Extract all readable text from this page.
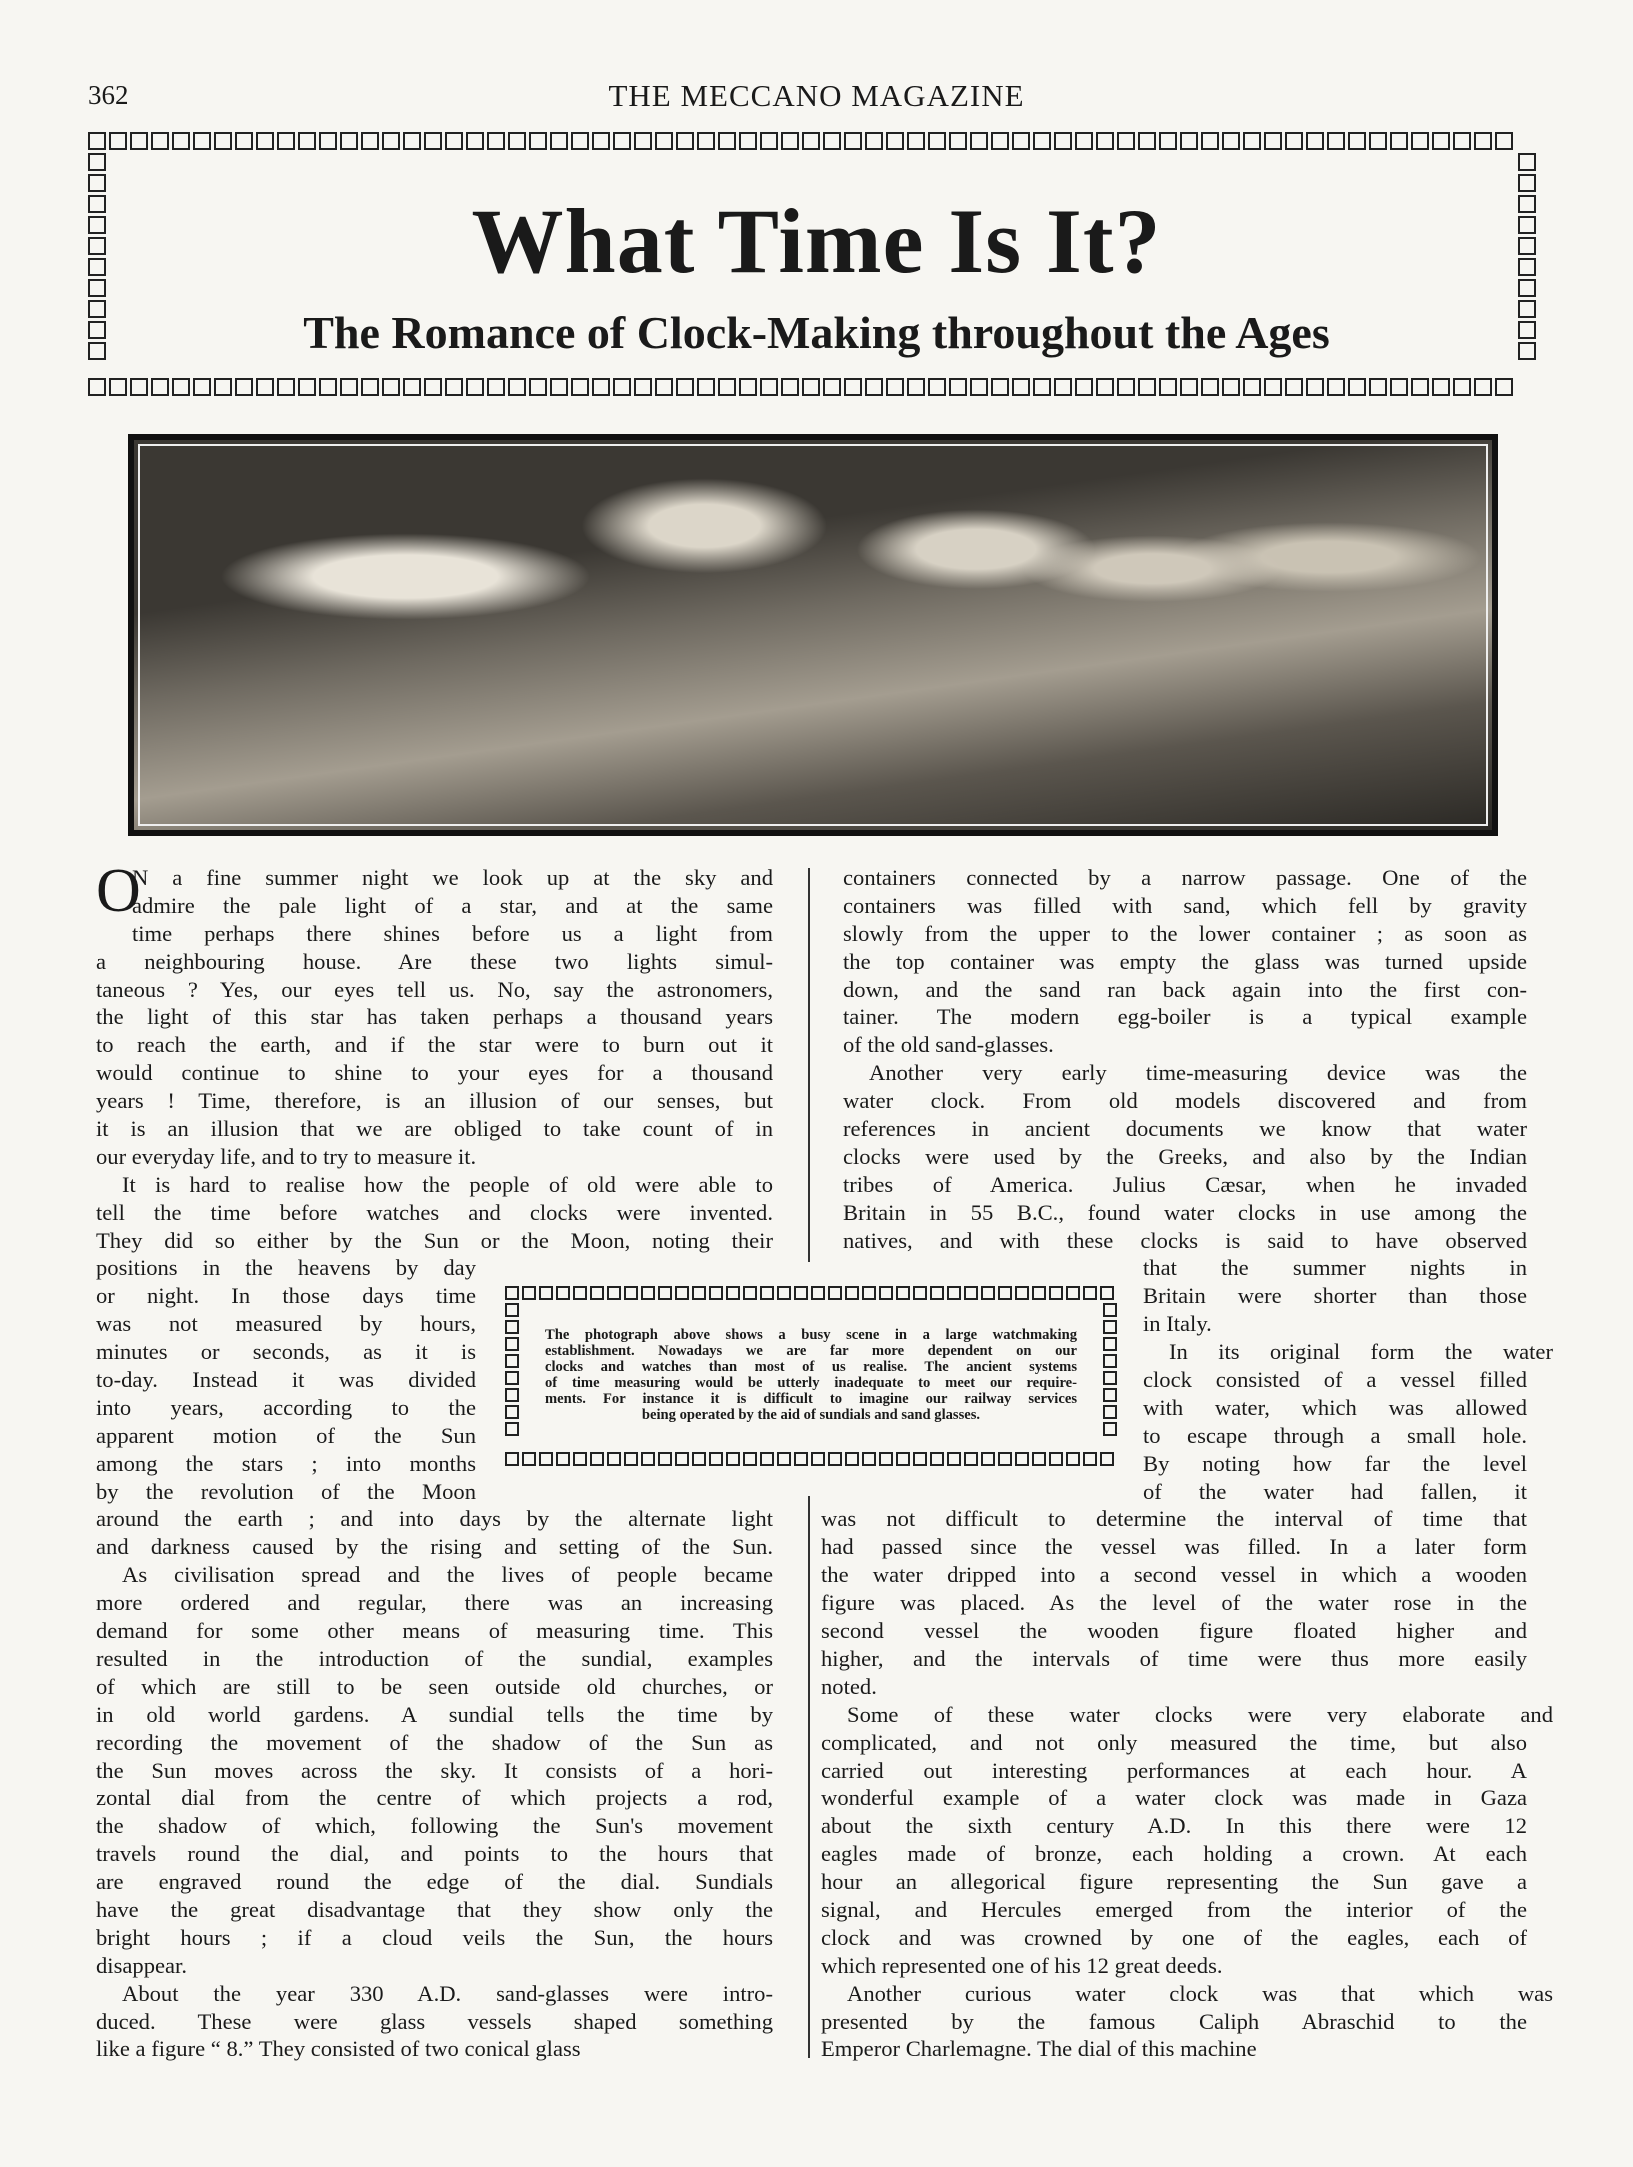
362	THE MECCANO MAGAZINE
What Time Is It?
The Romance of Clock-Making throughout the Ages
N a fine summer night we look up at the sky and
admire the pale light of a star, and at the same
time perhaps there shines before us a light from
a neighbouring house. Are these two lights simul-
taneous ? Yes, our eyes tell us. No, say the astronomers,
the light of this star has taken perhaps a thousand years
to reach the earth, and if the star were to burn out it
would continue to shine to your eyes for a thousand
years ! Time, therefore, is an illusion of our senses, but
it is an illusion that we are obliged to take count of in
our everyday life, and to try to measure it.
It is hard to realise how the people of old were able to
tell the time before watches and clocks were invented.
They did so either by the Sun or the Moon, noting their
positions in the heavens by day
or night. In those days time
was not measured by hours,
minutes or seconds, as it is
to-day. Instead it was divided
into years, according to the
apparent motion of the Sun
among the stars ; into months
by the revolution of the Moon
around the earth ; and into days by the alternate light
and darkness caused by the rising and setting of the Sun.
As civilisation spread and the lives of people became
more ordered and regular, there was an increasing
demand for some other means of measuring time. This
resulted in the introduction of the sundial, examples
of which are still to be seen outside old churches, or
in old world gardens. A sundial tells the time by
recording the movement of the shadow of the Sun as
the Sun moves across the sky. It consists of a hori-
zontal dial from the centre of which projects a rod,
the shadow of which, following the Sun's movement
travels round the dial, and points to the hours that
are engraved round the edge of the dial. Sundials
have the great disadvantage that they show only the
bright hours ; if a cloud veils the Sun, the hours
disappear.
About the year 330 A.D. sand-glasses were intro-
duced. These were glass vessels shaped something
like a figure “ 8.” They consisted of two conical glass
O	containers connected by a narrow passage. One of the
containers was filled with sand, which fell by gravity
slowly from the upper to the lower container ; as soon as
the top container was empty the glass was turned upside
down, and the sand ran back again into the first con-
tainer. The modern egg-boiler is a typical example
of the old sand-glasses.
Another very early time-measuring device was the
water clock. From old models discovered and from
references in ancient documents we know that water
clocks were used by the Greeks, and also by the Indian
tribes of America. Julius Cæsar, when he invaded
Britain in 55 B.C., found water clocks in use among the
natives, and with these clocks is said to have observed
that the summer nights in
Britain were shorter than those
in Italy.
In its original form the water
clock consisted of a vessel filled
with water, which was allowed
to escape through a small hole.
By noting how far the level
of the water had fallen, it
was not difficult to determine the interval of time that
had passed since the vessel was filled. In a later form
the water dripped into a second vessel in which a wooden
figure was placed. As the level of the water rose in the
second vessel the wooden figure floated higher and
higher, and the intervals of time were thus more easily
noted.
Some of these water clocks were very elaborate and
complicated, and not only measured the time, but also
carried out interesting performances at each hour. A
wonderful example of a water clock was made in Gaza
about the sixth century A.D. In this there were 12
eagles made of bronze, each holding a crown. At each
hour an allegorical figure representing the Sun gave a
signal, and Hercules emerged from the interior of the
clock and was crowned by one of the eagles, each of
which represented one of his 12 great deeds.
Another curious water clock was that which was
presented by the famous Caliph Abraschid to the
Emperor Charlemagne. The dial of this machine
The photograph above shows a busy scene in a large watchmaking
establishment. Nowadays we are far more dependent on our
clocks and watches than most of us realise. The ancient systems
of time measuring would be utterly inadequate to meet our require-
ments. For instance it is difficult to imagine our railway services
being operated by the aid of sundials and sand glasses.
